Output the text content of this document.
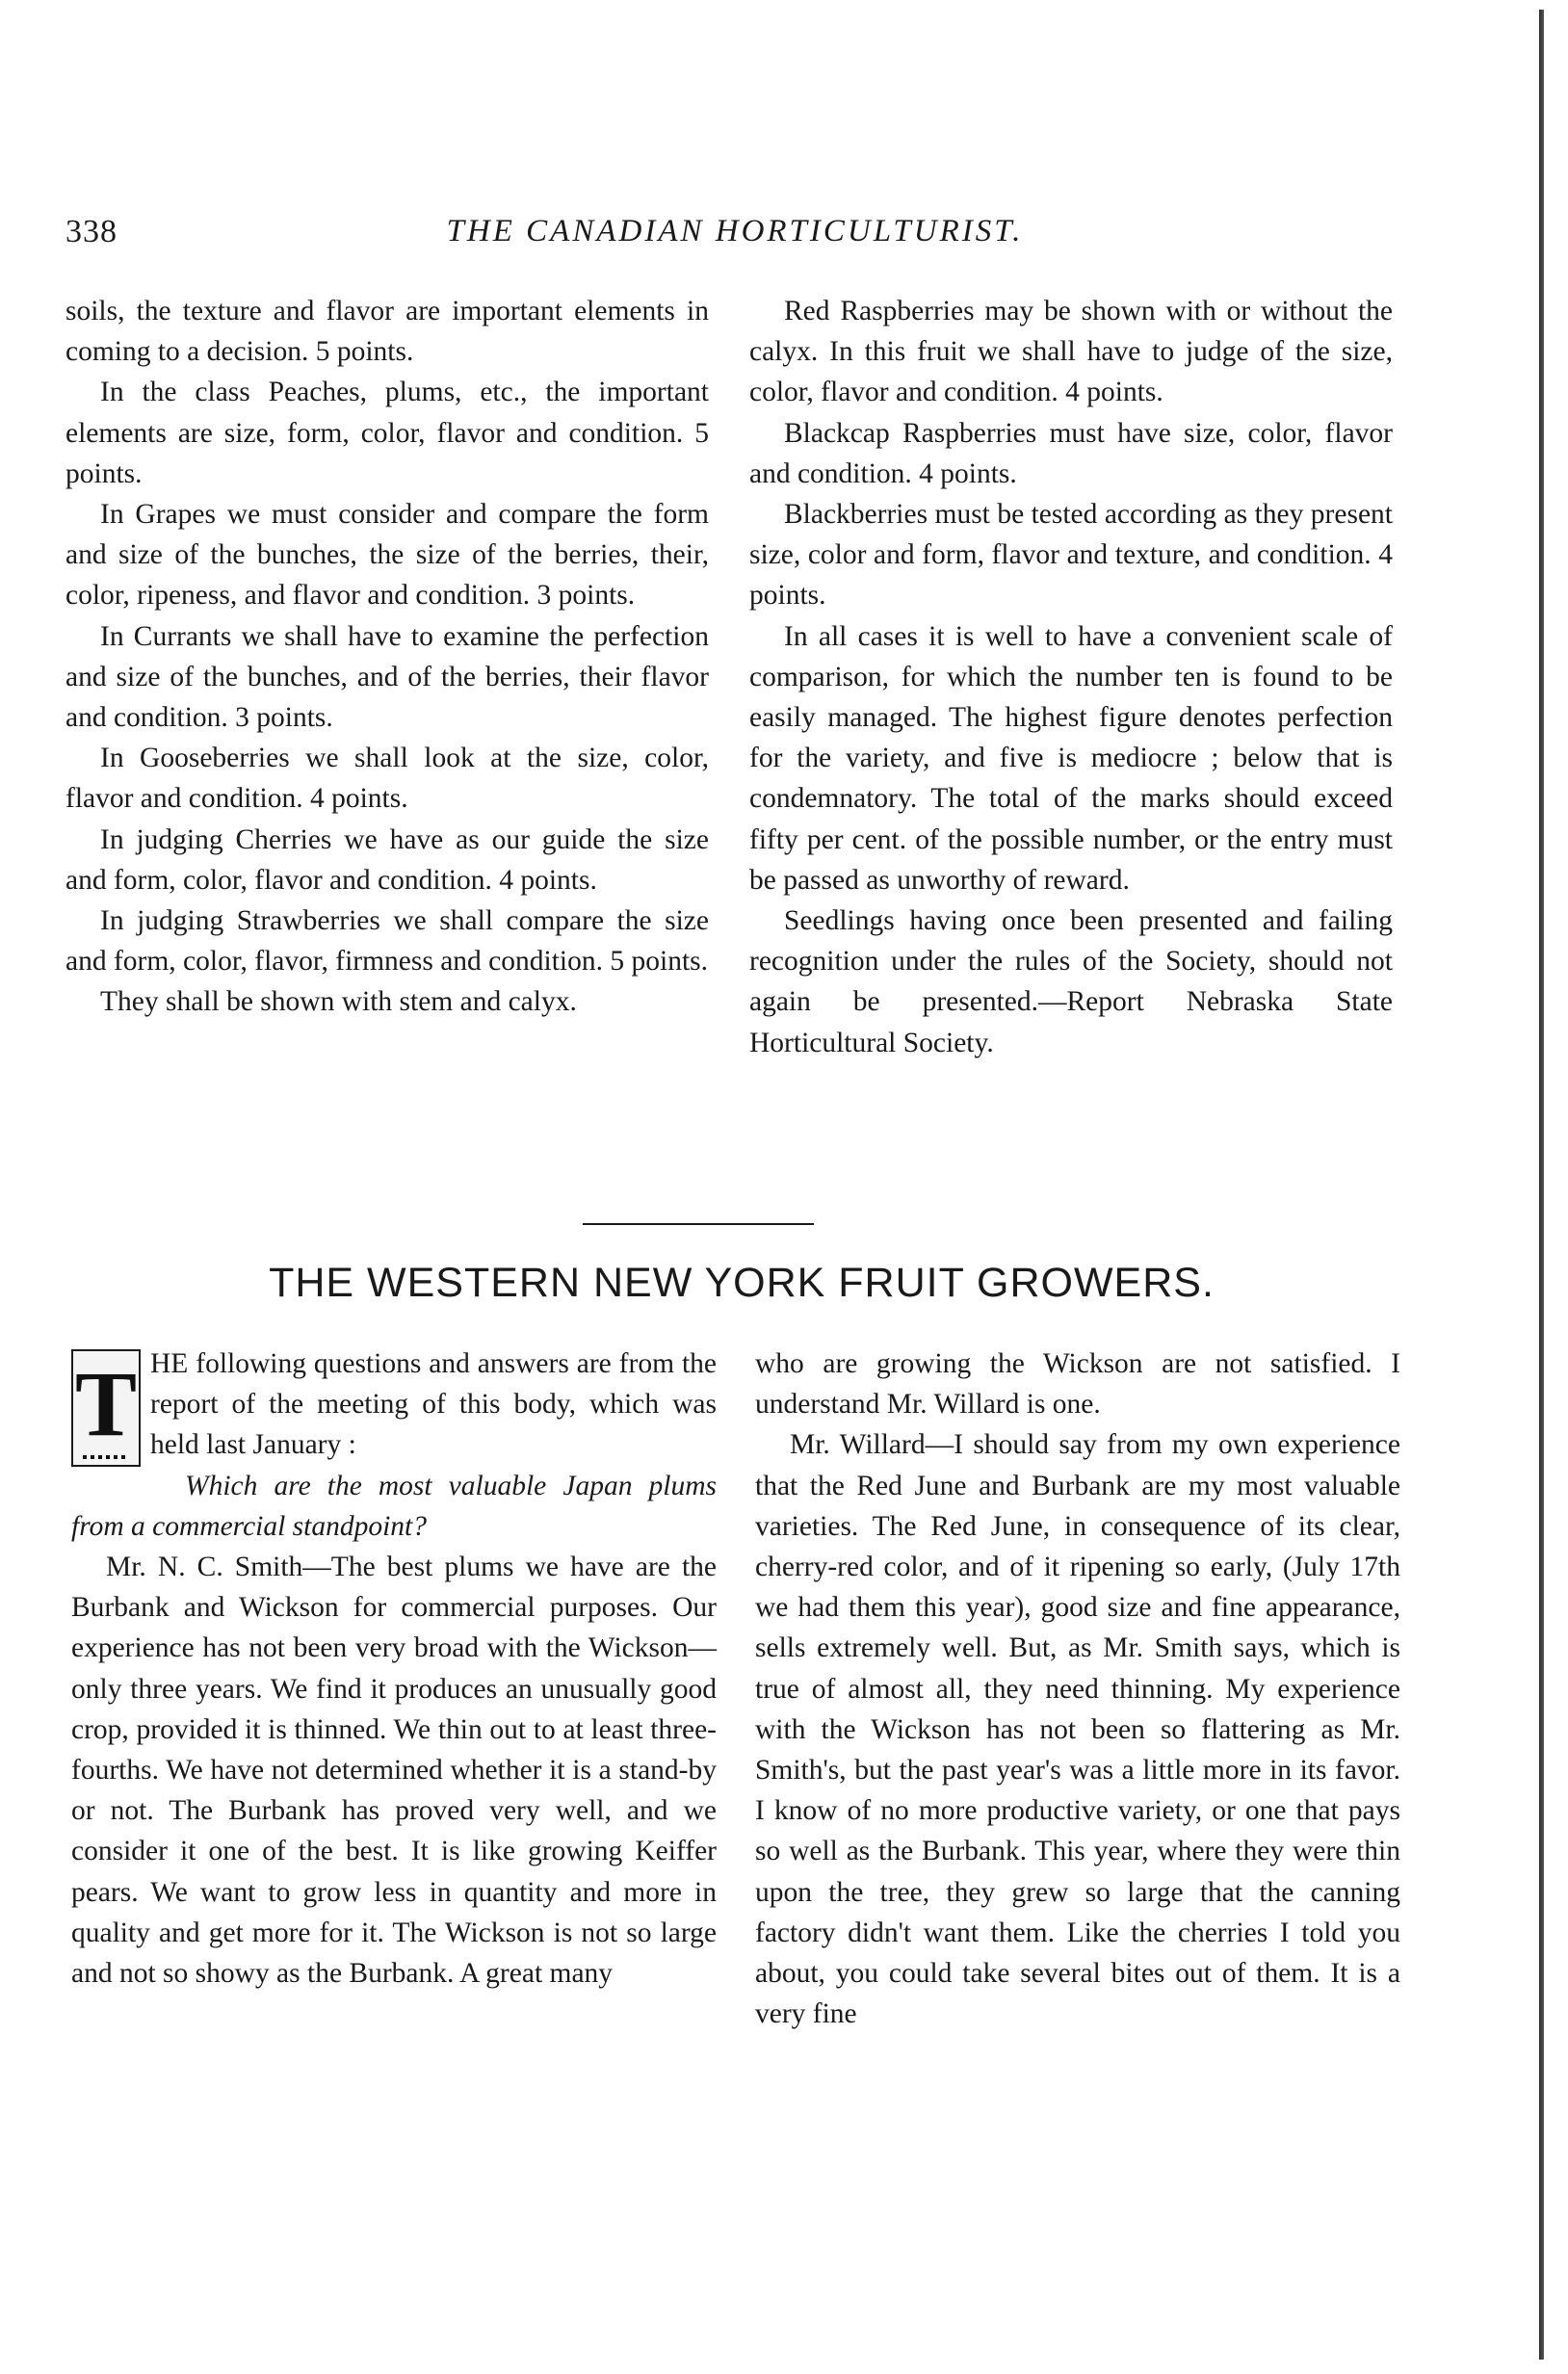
338	THE CANADIAN HORTICULTURIST.

soils, the texture and flavor are important elements in coming to a decision. 5 points.

In the class Peaches, plums, etc., the important elements are size, form, color, flavor and condition. 5 points.

In Grapes we must consider and compare the form and size of the bunches, the size of the berries, their, color, ripeness, and flavor and condition. 3 points.

In Currants we shall have to examine the perfection and size of the bunches, and of the berries, their flavor and condition. 3 points.

In Gooseberries we shall look at the size, color, flavor and condition. 4 points.

In judging Cherries we have as our guide the size and form, color, flavor and condition. 4 points.

In judging Strawberries we shall compare the size and form, color, flavor, firmness and condition. 5 points.

They shall be shown with stem and calyx.

Red Raspberries may be shown with or without the calyx. In this fruit we shall have to judge of the size, color, flavor and condition. 4 points.

Blackcap Raspberries must have size, color, flavor and condition. 4 points.

Blackberries must be tested according as they present size, color and form, flavor and texture, and condition. 4 points.

In all cases it is well to have a convenient scale of comparison, for which the number ten is found to be easily managed. The highest figure denotes perfection for the variety, and five is mediocre ; below that is condemnatory. The total of the marks should exceed fifty per cent. of the possible number, or the entry must be passed as unworthy of reward.

Seedlings having once been presented and failing recognition under the rules of the Society, should not again be presented.—Report Nebraska State Horticultural Society.

THE WESTERN NEW YORK FRUIT GROWERS.

T HE following questions and answers are from the report of the meeting of this body, which was held last January :

Which are the most valuable Japan plums from a commercial standpoint?

Mr. N. C. Smith—The best plums we have are the Burbank and Wickson for commercial purposes. Our experience has not been very broad with the Wickson—only three years. We find it produces an unusually good crop, provided it is thinned. We thin out to at least three-fourths. We have not determined whether it is a stand-by or not. The Burbank has proved very well, and we consider it one of the best. It is like growing Keiffer pears. We want to grow less in quantity and more in quality and get more for it. The Wickson is not so large and not so showy as the Burbank. A great many

who are growing the Wickson are not satisfied. I understand Mr. Willard is one.

Mr. Willard—I should say from my own experience that the Red June and Burbank are my most valuable varieties. The Red June, in consequence of its clear, cherry-red color, and of it ripening so early, (July 17th we had them this year), good size and fine appearance, sells extremely well. But, as Mr. Smith says, which is true of almost all, they need thinning. My experience with the Wickson has not been so flattering as Mr. Smith's, but the past year's was a little more in its favor. I know of no more productive variety, or one that pays so well as the Burbank. This year, where they were thin upon the tree, they grew so large that the canning factory didn't want them. Like the cherries I told you about, you could take several bites out of them. It is a very fine
